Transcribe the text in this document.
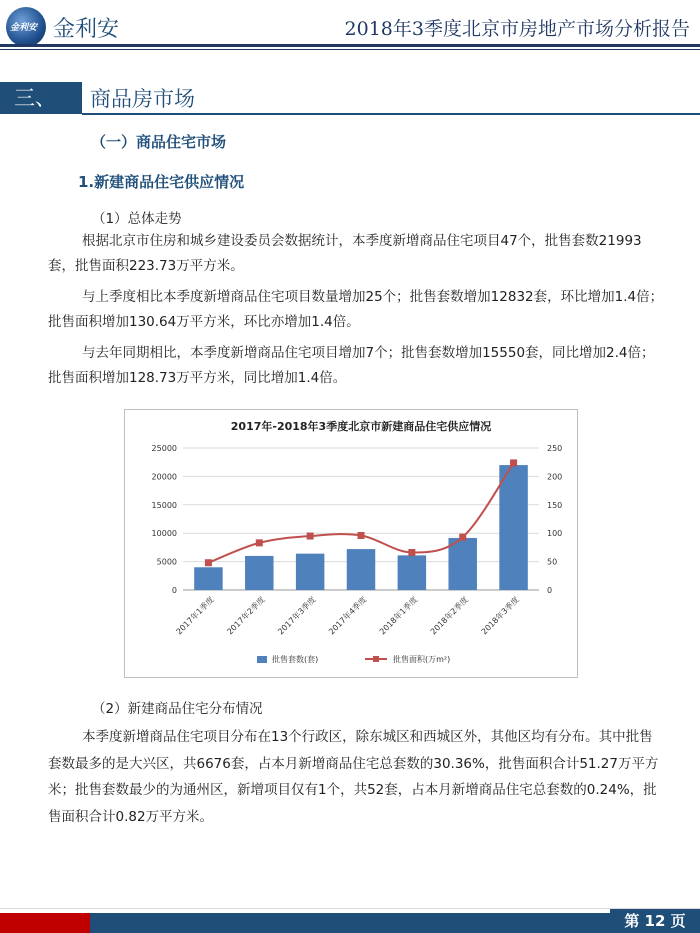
金利安 金利安	2018年3季度北京市房地产市场分析报告
三、	商品房市场
（一）商品住宅市场
1.新建商品住宅供应情况
（1）总体走势
根据北京市住房和城乡建设委员会数据统计，本季度新增商品住宅项目47个，批售套数21993套，批售面积223.73万平方米。
与上季度相比本季度新增商品住宅项目数量增加25个；批售套数增加12832套，环比增加1.4倍；批售面积增加130.64万平方米，环比亦增加1.4倍。
与去年同期相比，本季度新增商品住宅项目增加7个；批售套数增加15550套，同比增加2.4倍；批售面积增加128.73万平方米，同比增加1.4倍。
2017年-2018年3季度北京市新建商品住宅供应情况
0
5000
10000
15000
20000
25000
0
50
100
150
200
250
2017年1季度 2017年2季度 2017年3季度 2017年4季度 2018年1季度 2018年2季度 2018年3季度
批售套数(套)	批售面积(万m²)
（2）新建商品住宅分布情况
本季度新增商品住宅项目分布在13个行政区，除东城区和西城区外，其他区均有分布。其中批售套数最多的是大兴区，共6676套，占本月新增商品住宅总套数的30.36%，批售面积合计51.27万平方米；批售套数最少的为通州区，新增项目仅有1个，共52套，占本月新增商品住宅总套数的0.24%，批售面积合计0.82万平方米。
第 12 页
